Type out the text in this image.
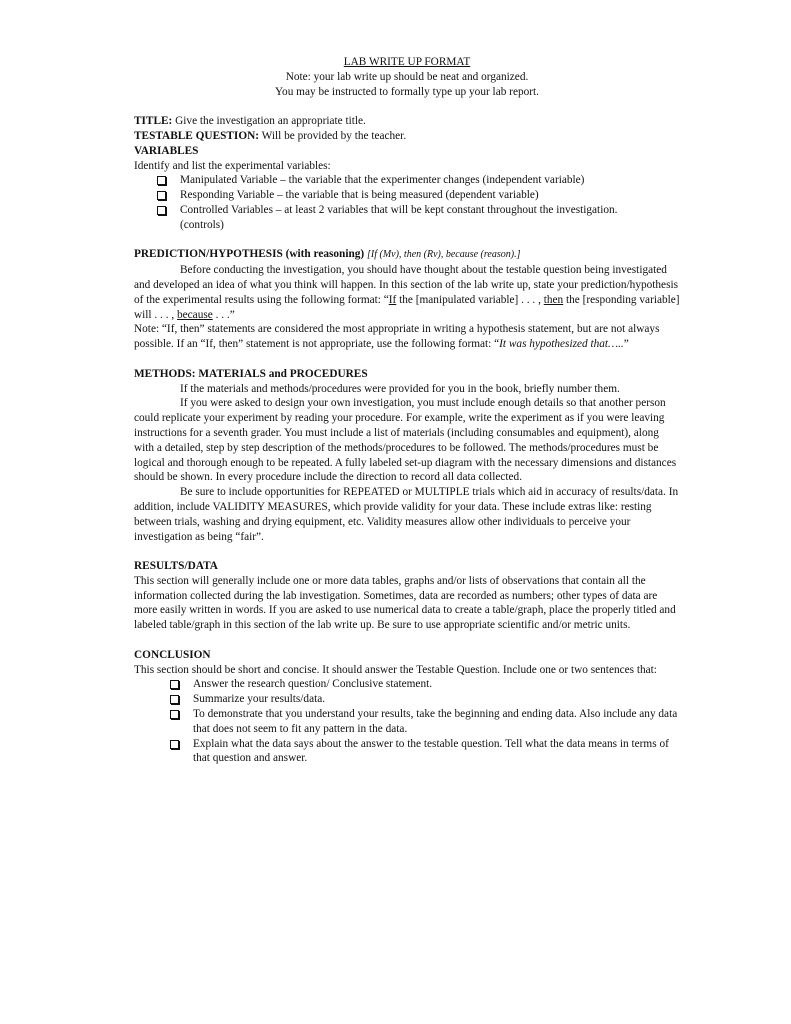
LAB WRITE UP FORMAT

Note: your lab write up should be neat and organized.

You may be instructed to formally type up your lab report.

TITLE: Give the investigation an appropriate title.

TESTABLE QUESTION: Will be provided by the teacher.

VARIABLES

Identify and list the experimental variables:

Manipulated Variable – the variable that the experimenter changes (independent variable)
Responding Variable – the variable that is being measured (dependent variable)
Controlled Variables – at least 2 variables that will be kept constant throughout the investigation. (controls)

PREDICTION/HYPOTHESIS (with reasoning) [If (Mv), then (Rv), because (reason).]

Before conducting the investigation, you should have thought about the testable question being investigated and developed an idea of what you think will happen. In this section of the lab write up, state your prediction/hypothesis of the experimental results using the following format: “If the [manipulated variable] . . . , then the [responding variable] will . . . , because . . .”

Note: “If, then” statements are considered the most appropriate in writing a hypothesis statement, but are not always possible. If an “If, then” statement is not appropriate, use the following format: “It was hypothesized that…..”

METHODS: MATERIALS and PROCEDURES

If the materials and methods/procedures were provided for you in the book, briefly number them.

If you were asked to design your own investigation, you must include enough details so that another person could replicate your experiment by reading your procedure. For example, write the experiment as if you were leaving instructions for a seventh grader. You must include a list of materials (including consumables and equipment), along with a detailed, step by step description of the methods/procedures to be followed. The methods/procedures must be logical and thorough enough to be repeated. A fully labeled set-up diagram with the necessary dimensions and distances should be shown. In every procedure include the direction to record all data collected.

Be sure to include opportunities for REPEATED or MULTIPLE trials which aid in accuracy of results/data. In addition, include VALIDITY MEASURES, which provide validity for your data. These include extras like: resting between trials, washing and drying equipment, etc. Validity measures allow other individuals to perceive your investigation as being “fair”.

RESULTS/DATA

This section will generally include one or more data tables, graphs and/or lists of observations that contain all the information collected during the lab investigation. Sometimes, data are recorded as numbers; other types of data are more easily written in words. If you are asked to use numerical data to create a table/graph, place the properly titled and labeled table/graph in this section of the lab write up. Be sure to use appropriate scientific and/or metric units.

CONCLUSION

This section should be short and concise. It should answer the Testable Question. Include one or two sentences that:

Answer the research question/ Conclusive statement.
Summarize your results/data.
To demonstrate that you understand your results, take the beginning and ending data. Also include any data that does not seem to fit any pattern in the data.
Explain what the data says about the answer to the testable question. Tell what the data means in terms of that question and answer.
